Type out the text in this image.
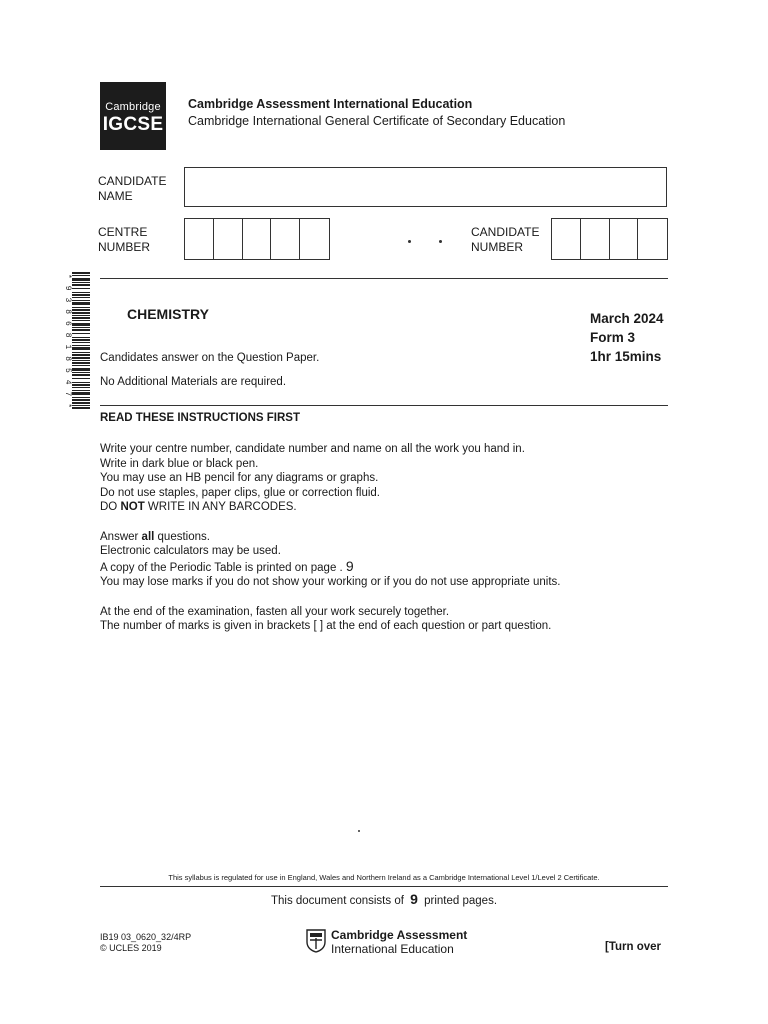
Cambridge
IGCSE
Cambridge Assessment International Education
Cambridge International General Certificate of Secondary Education
CANDIDATE
NAME
CENTRE
NUMBER
CANDIDATE
NUMBER
* 9 3 8 6 8 1 8 5 4 7 *
CHEMISTRY	March 2024
Form 3
1hr 15mins
Candidates answer on the Question Paper.
No Additional Materials are required.
READ THESE INSTRUCTIONS FIRST
Write your centre number, candidate number and name on all the work you hand in.
Write in dark blue or black pen.
You may use an HB pencil for any diagrams or graphs.
Do not use staples, paper clips, glue or correction fluid.
DO NOT WRITE IN ANY BARCODES.
Answer all questions.
Electronic calculators may be used.
A copy of the Periodic Table is printed on page . 9
You may lose marks if you do not show your working or if you do not use appropriate units.
At the end of the examination, fasten all your work securely together.
The number of marks is given in brackets [ ] at the end of each question or part question.
This syllabus is regulated for use in England, Wales and Northern Ireland as a Cambridge International Level 1/Level 2 Certificate.
This document consists of 9 printed pages.
IB19 03_0620_32/4RP
© UCLES 2019
Cambridge Assessment
International Education	[Turn over
